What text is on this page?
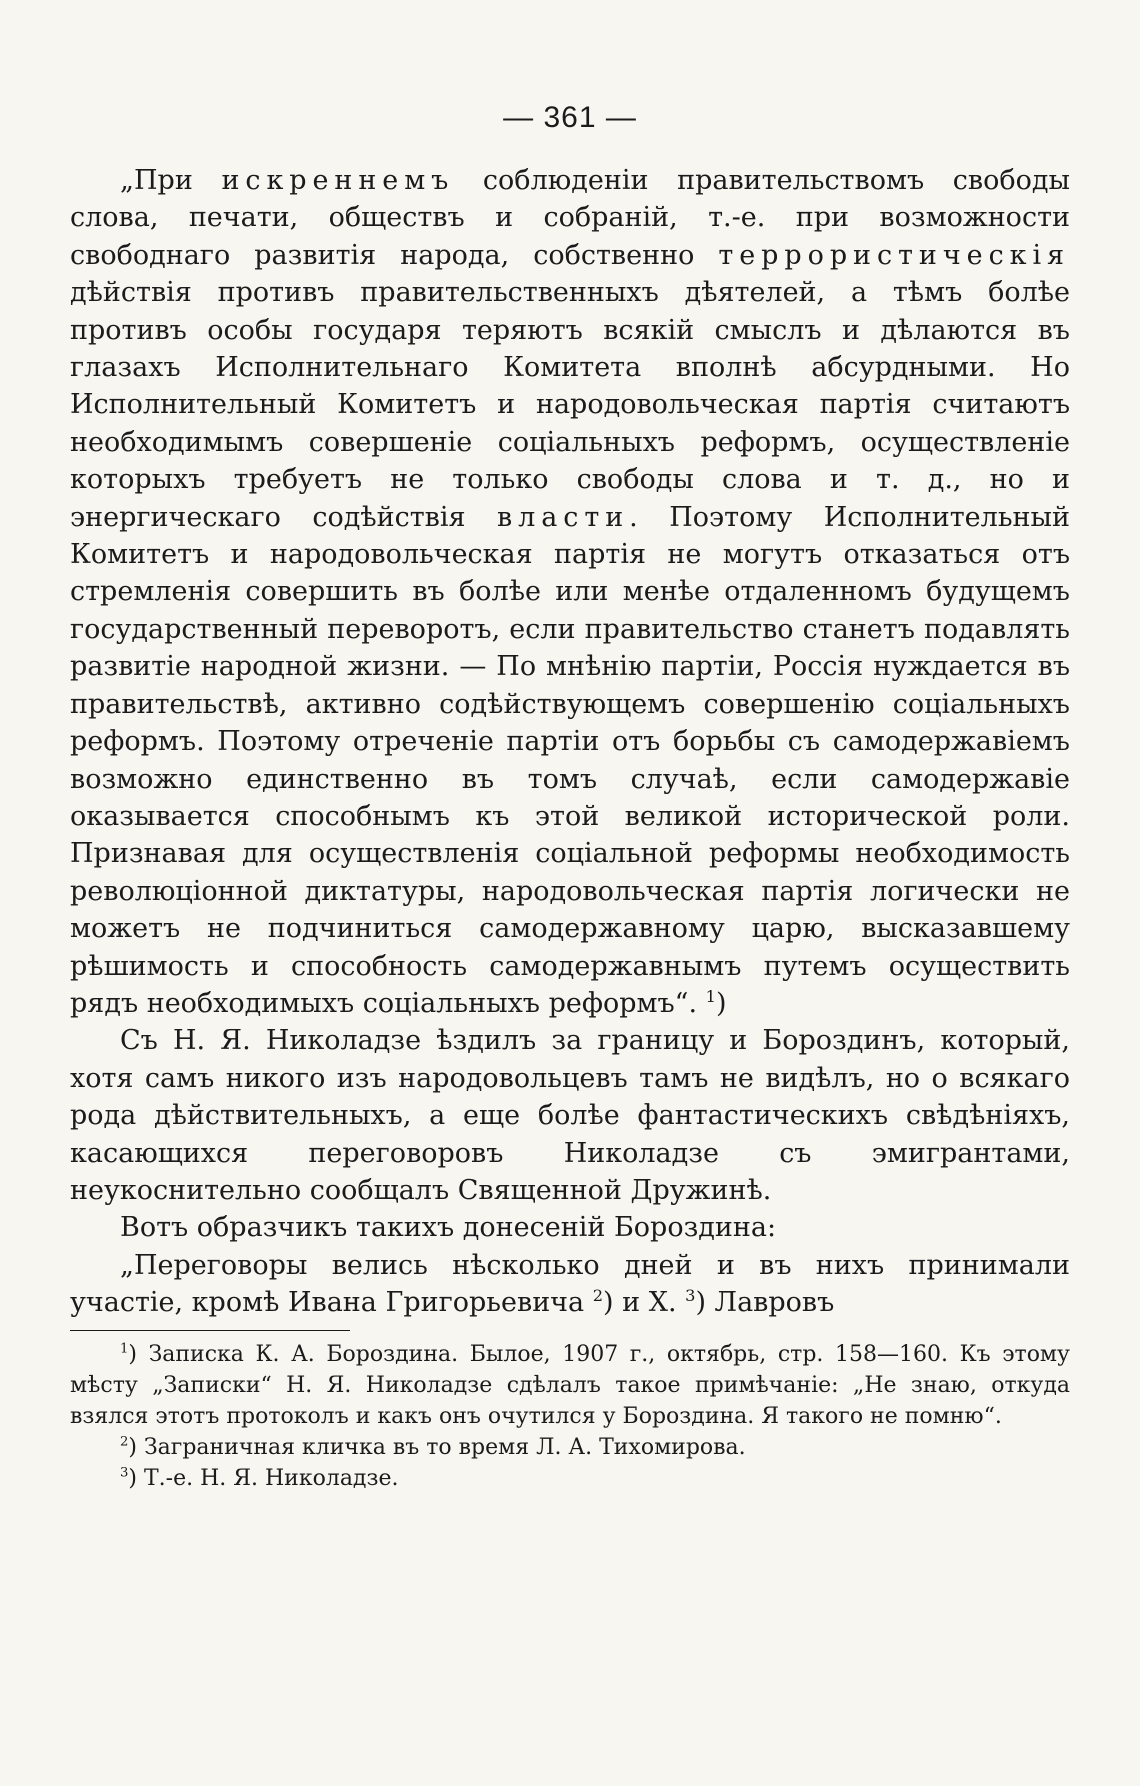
— 361 —

„При искреннемъ соблюденіи правительствомъ свободы слова, печати, обществъ и собраній, т.-е. при возможности свободнаго развитія народа, собственно террористическія дѣйствія противъ правительственныхъ дѣятелей, а тѣмъ болѣе противъ особы государя теряютъ всякій смыслъ и дѣлаются въ глазахъ Исполнительнаго Комитета вполнѣ абсурдными. Но Исполнительный Комитетъ и народовольческая партія считаютъ необходимымъ совершеніе соціальныхъ реформъ, осуществленіе которыхъ требуетъ не только свободы слова и т. д., но и энергическаго содѣйствія власти. Поэтому Исполнительный Комитетъ и народовольческая партія не могутъ отказаться отъ стремленія совершить въ болѣе или менѣе отдаленномъ будущемъ государственный переворотъ, если правительство станетъ подавлять развитіе народной жизни. — По мнѣнію партіи, Россія нуждается въ правительствѣ, активно содѣйствующемъ совершенію соціальныхъ реформъ. Поэтому отреченіе партіи отъ борьбы съ самодержавіемъ возможно единственно въ томъ случаѣ, если самодержавіе оказывается способнымъ къ этой великой исторической роли. Признавая для осуществленія соціальной реформы необходимость революціонной диктатуры, народовольческая партія логически не можетъ не подчиниться самодержавному царю, высказавшему рѣшимость и способность самодержавнымъ путемъ осуществить рядъ необходимыхъ соціальныхъ реформъ“. $^1$)

Съ Н. Я. Николадзе ѣздилъ за границу и Бороздинъ, который, хотя самъ никого изъ народовольцевъ тамъ не видѣлъ, но о всякаго рода дѣйствительныхъ, а еще болѣе фантастическихъ свѣдѣніяхъ, касающихся переговоровъ Николадзе съ эмигрантами, неукоснительно сообщалъ Священной Дружинѣ.

Вотъ образчикъ такихъ донесеній Бороздина:

„Переговоры велись нѣсколько дней и въ нихъ принимали участіе, кромѣ Ивана Григорьевича $^2$) и X. $^3$) Лавровъ

$^1$) Записка К. А. Бороздина. Былое, 1907 г., октябрь, стр. 158—160. Къ этому мѣсту „Записки“ Н. Я. Николадзе сдѣлалъ такое примѣчаніе: „Не знаю, откуда взялся этотъ протоколъ и какъ онъ очутился у Бороздина. Я такого не помню“.

$^2$) Заграничная кличка въ то время Л. А. Тихомирова.

$^3$) Т.-е. Н. Я. Николадзе.
